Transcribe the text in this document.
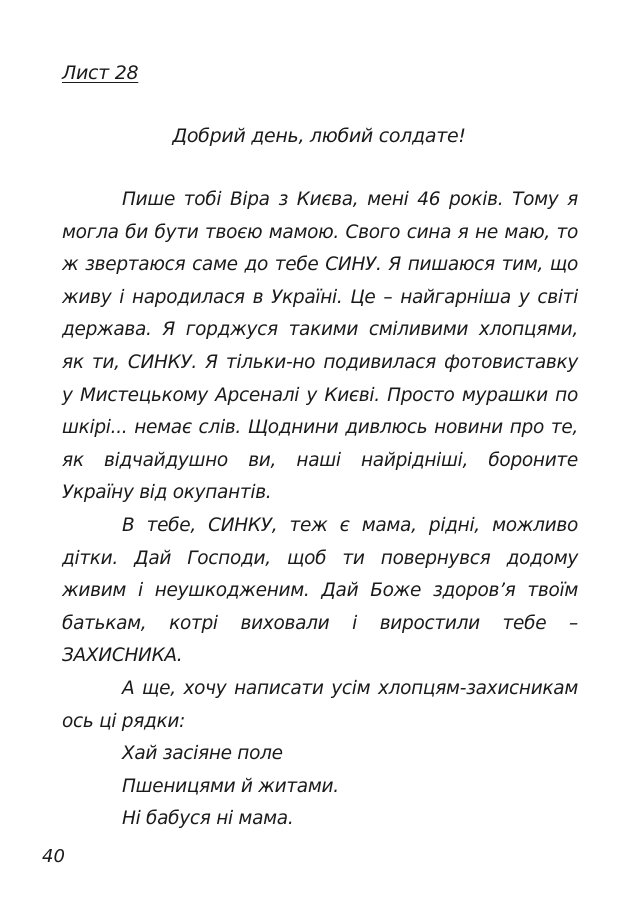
Лист 28
Добрий день, любий солдате!

Пише тобі Віра з Києва, мені 46 років. Тому я могла би бути твоєю мамою. Свого сина я не маю, то ж звертаюся саме до тебе СИНУ. Я пишаюся тим, що живу і народилася в Україні. Це – найгарніша у світі держава. Я горджуся такими сміливими хлопцями, як ти, СИНКУ. Я тільки-но подивилася фотовиставку у Мистецькому Арсеналі у Києві. Просто мурашки по шкірі... немає слів. Щоднини дивлюсь новини про те, як відчайдушно ви, наші найрідніші, бороните Україну від окупантів.

В тебе, СИНКУ, теж є мама, рідні, можливо дітки. Дай Господи, щоб ти повернувся додому живим і неушкодженим. Дай Боже здоров’я твоїм батькам, котрі виховали і виростили тебе – ЗАХИСНИКА.

А ще, хочу написати усім хлопцям-захисникам ось ці рядки:

Хай засіяне поле
Пшеницями й житами.
Ні бабуся ні мама.
40
